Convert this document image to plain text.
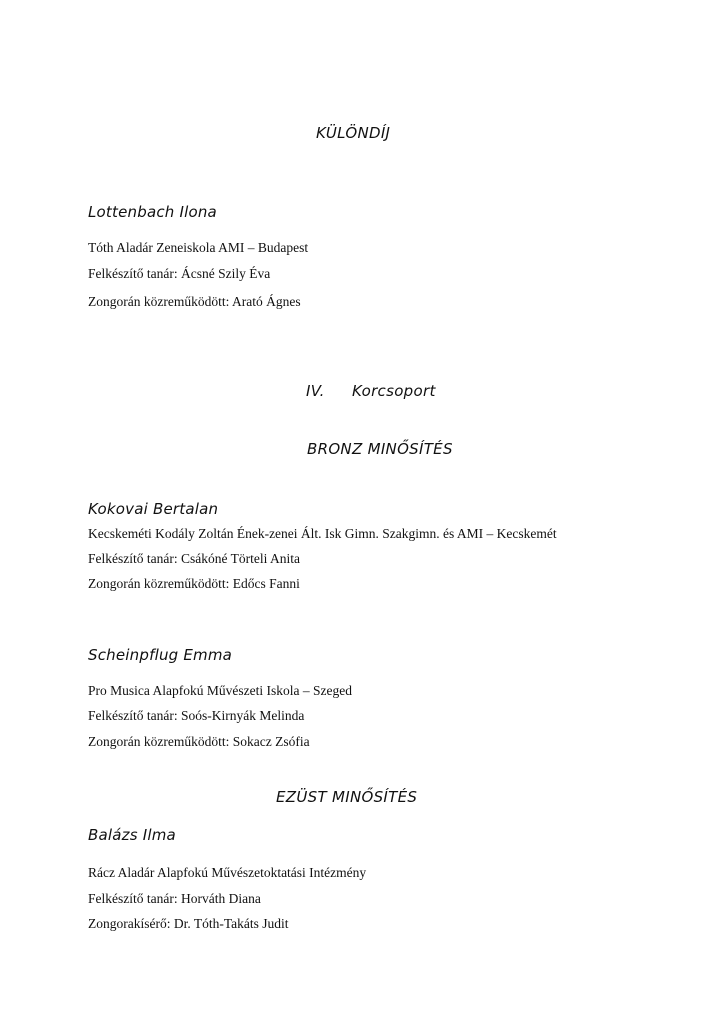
KÜLÖNDÍJ
Lottenbach Ilona
Tóth Aladár Zeneiskola AMI – Budapest
Felkészítő tanár: Ácsné Szily Éva
Zongorán közreműködött: Arató Ágnes
IV. Korcsoport
BRONZ MINŐSÍTÉS
Kokovai Bertalan
Kecskeméti Kodály Zoltán Ének-zenei Ált. Isk Gimn. Szakgimn. és AMI – Kecskemét
Felkészítő tanár: Csákóné Törteli Anita
Zongorán közreműködött: Edőcs Fanni
Scheinpflug Emma
Pro Musica Alapfokú Művészeti Iskola – Szeged
Felkészítő tanár: Soós-Kirnyák Melinda
Zongorán közreműködött: Sokacz Zsófia
EZÜST MINŐSÍTÉS
Balázs Ilma
Rácz Aladár Alapfokú Művészetoktatási Intézmény
Felkészítő tanár: Horváth Diana
Zongorakísérő: Dr. Tóth-Takáts Judit
